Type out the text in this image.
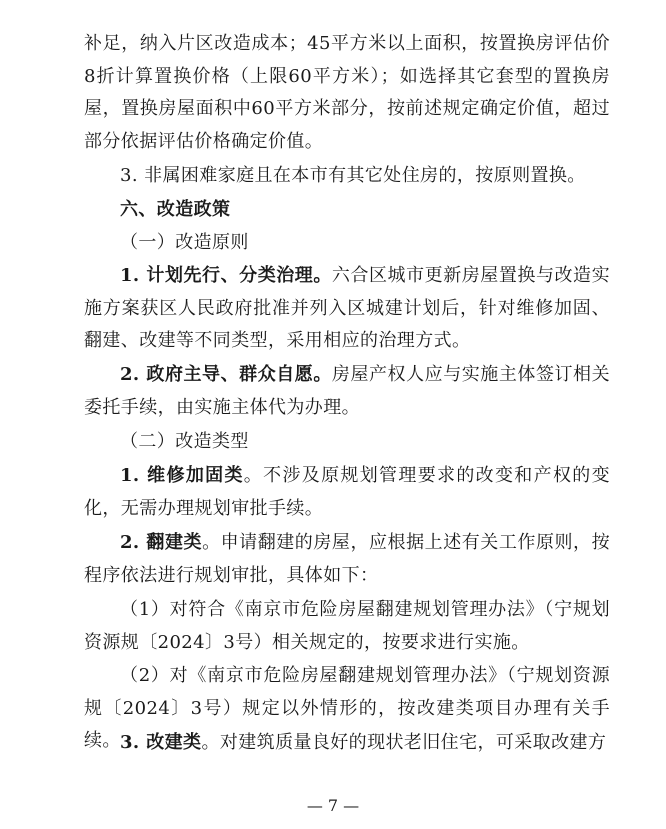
补足，纳入片区改造成本；45平方米以上面积，按置换房评估价8折计算置换价格（上限60平方米）；如选择其它套型的置换房屋，置换房屋面积中60平方米部分，按前述规定确定价值，超过部分依据评估价格确定价值。

3. 非属困难家庭且在本市有其它处住房的，按原则置换。

六、改造政策

（一）改造原则

1. 计划先行、分类治理。六合区城市更新房屋置换与改造实施方案获区人民政府批准并列入区城建计划后，针对维修加固、翻建、改建等不同类型，采用相应的治理方式。

2. 政府主导、群众自愿。房屋产权人应与实施主体签订相关委托手续，由实施主体代为办理。

（二）改造类型

1. 维修加固类。不涉及原规划管理要求的改变和产权的变化，无需办理规划审批手续。

2. 翻建类。申请翻建的房屋，应根据上述有关工作原则，按程序依法进行规划审批，具体如下：

（1）对符合《南京市危险房屋翻建规划管理办法》（宁规划资源规〔2024〕3号）相关规定的，按要求进行实施。

（2）对《南京市危险房屋翻建规划管理办法》（宁规划资源规〔2024〕3号）规定以外情形的，按改建类项目办理有关手续。 3. 改建类。对建筑质量良好的现状老旧住宅，可采取改建方

— 7 —
